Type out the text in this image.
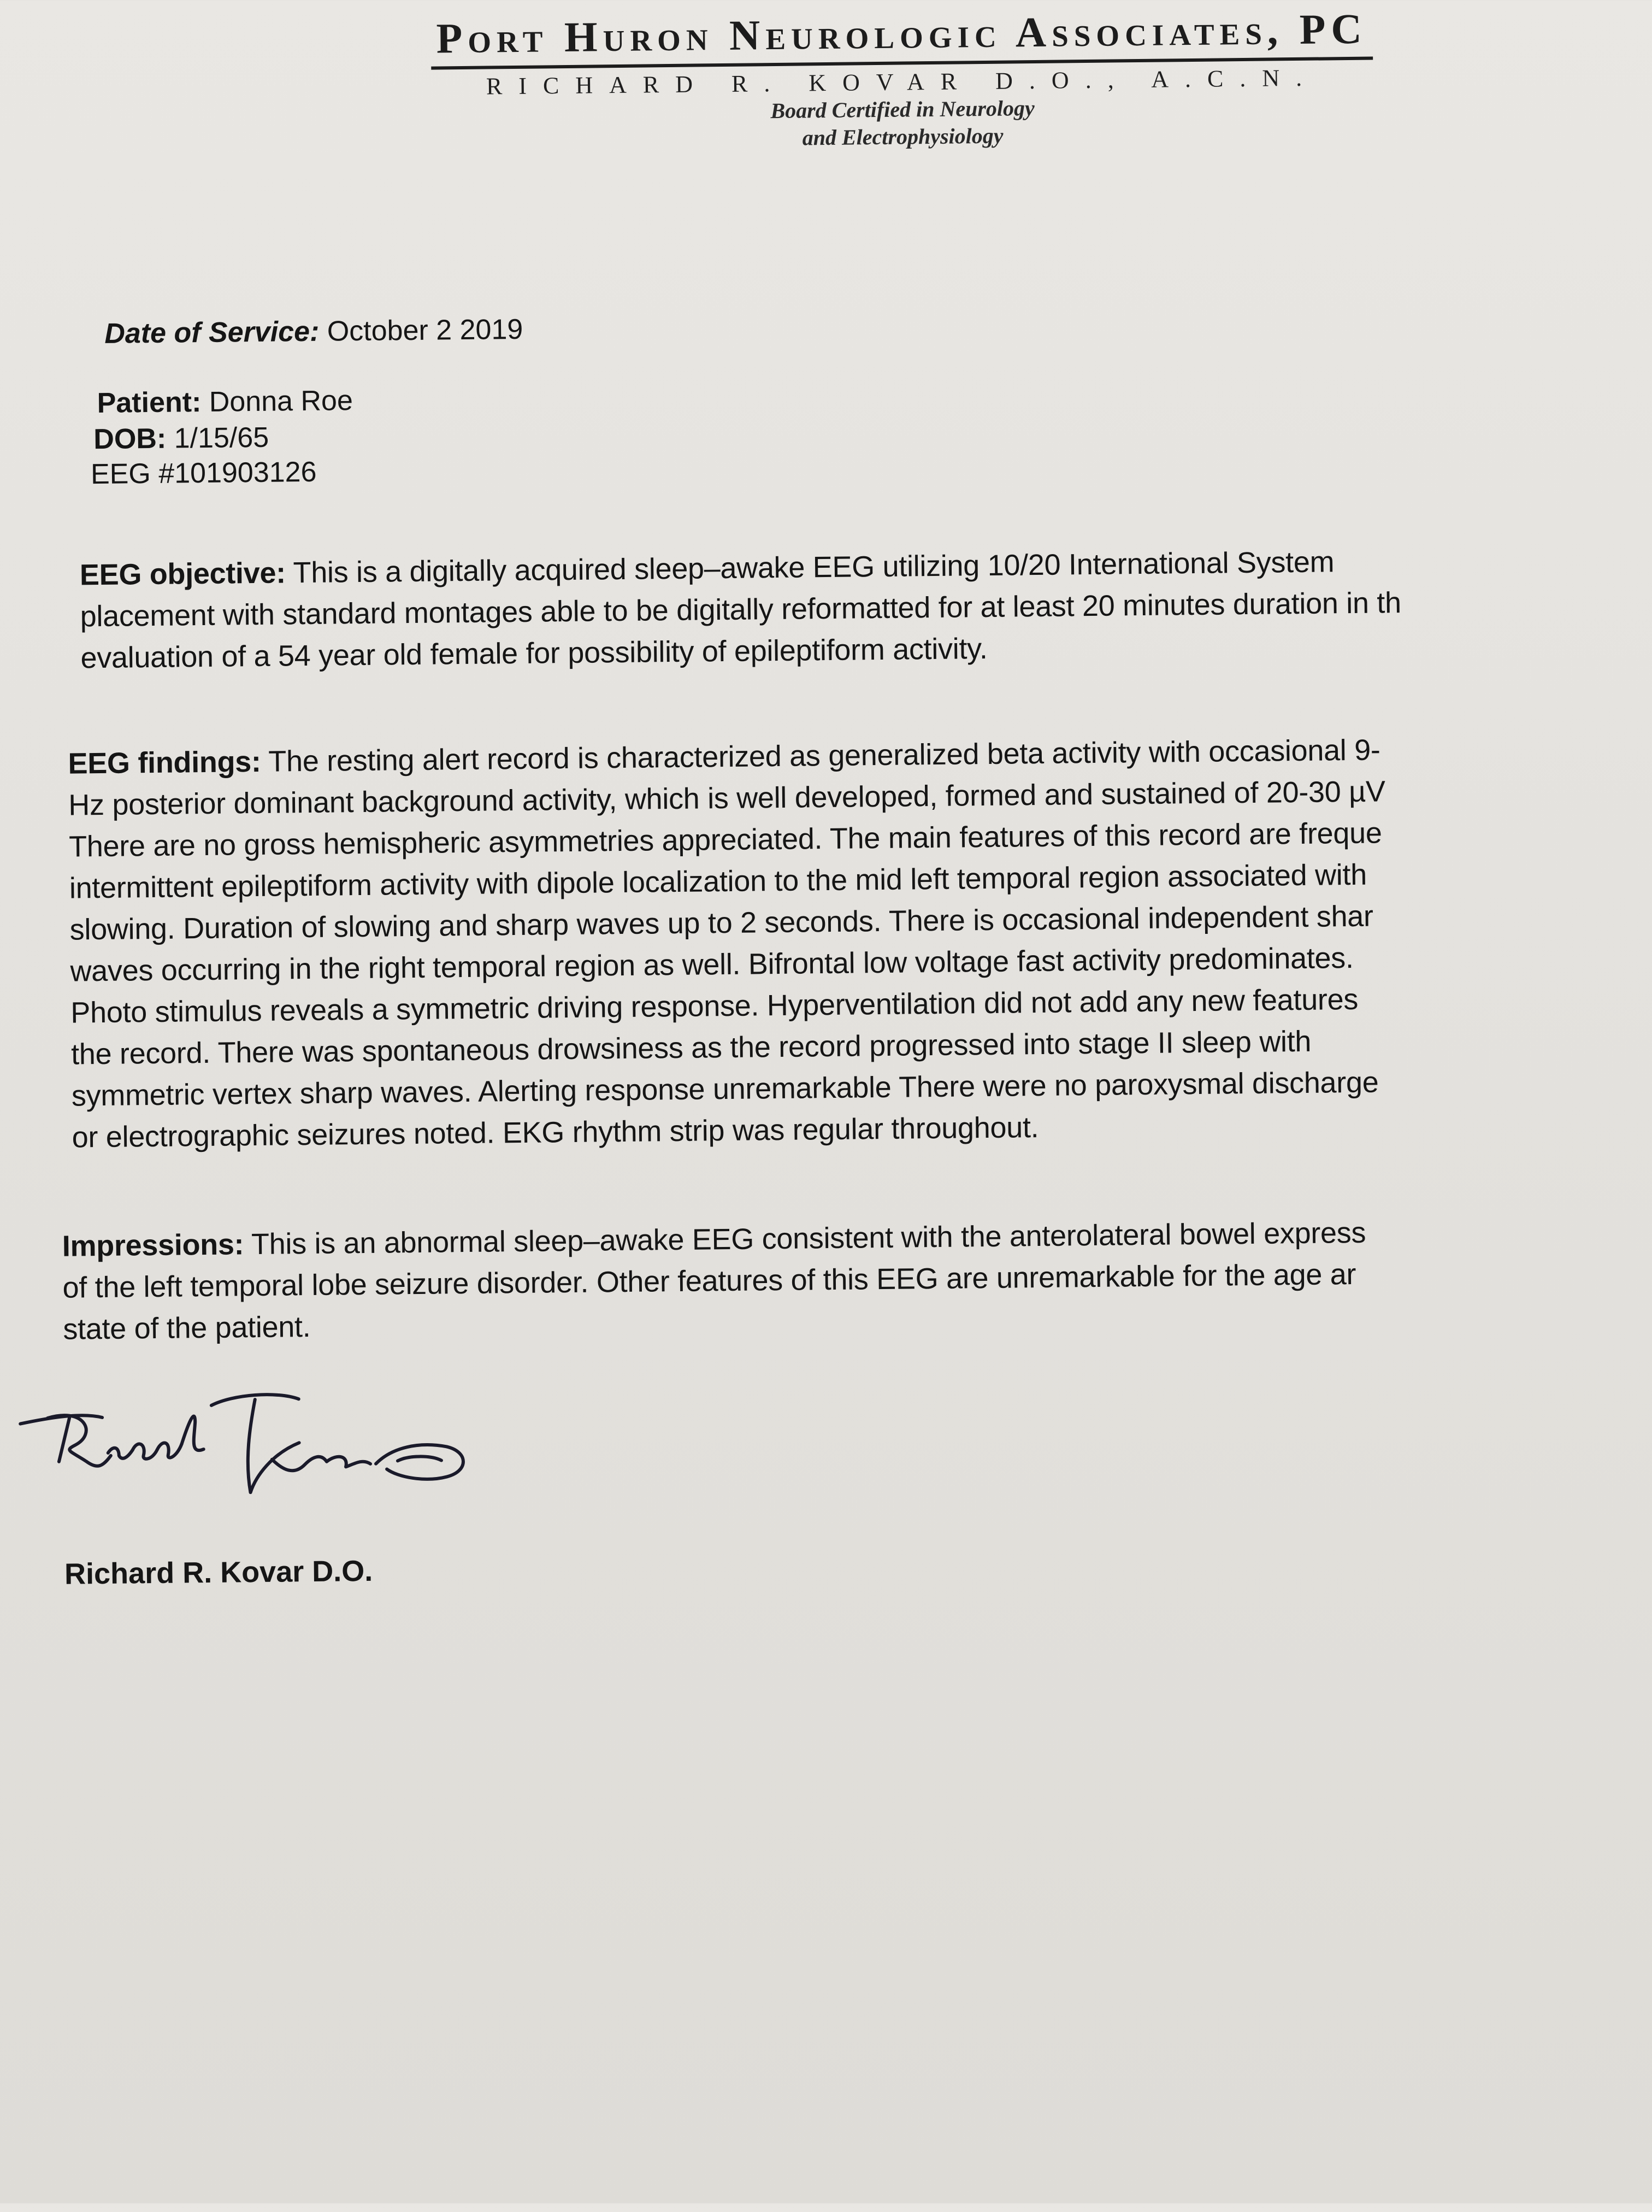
Port Huron Neurologic Associates, PC
RICHARD R. KOVAR D.O., A.C.N.
Board Certified in Neurology
and Electrophysiology
Date of Service: October 2 2019
Patient: Donna Roe
DOB: 1/15/65
EEG #101903126
EEG objective: This is a digitally acquired sleep–awake EEG utilizing 10/20 International System
placement with standard montages able to be digitally reformatted for at least 20 minutes duration in th
evaluation of a 54 year old female for possibility of epileptiform activity.
EEG findings: The resting alert record is characterized as generalized beta activity with occasional 9-
Hz posterior dominant background activity, which is well developed, formed and sustained of 20-30 µV
There are no gross hemispheric asymmetries appreciated. The main features of this record are freque
intermittent epileptiform activity with dipole localization to the mid left temporal region associated with
slowing. Duration of slowing and sharp waves up to 2 seconds. There is occasional independent shar
waves occurring in the right temporal region as well. Bifrontal low voltage fast activity predominates.
Photo stimulus reveals a symmetric driving response. Hyperventilation did not add any new features
the record. There was spontaneous drowsiness as the record progressed into stage II sleep with
symmetric vertex sharp waves. Alerting response unremarkable There were no paroxysmal discharge
or electrographic seizures noted. EKG rhythm strip was regular throughout.
Impressions: This is an abnormal sleep–awake EEG consistent with the anterolateral bowel express
of the left temporal lobe seizure disorder. Other features of this EEG are unremarkable for the age ar
state of the patient.
Richard R. Kovar D.O.
